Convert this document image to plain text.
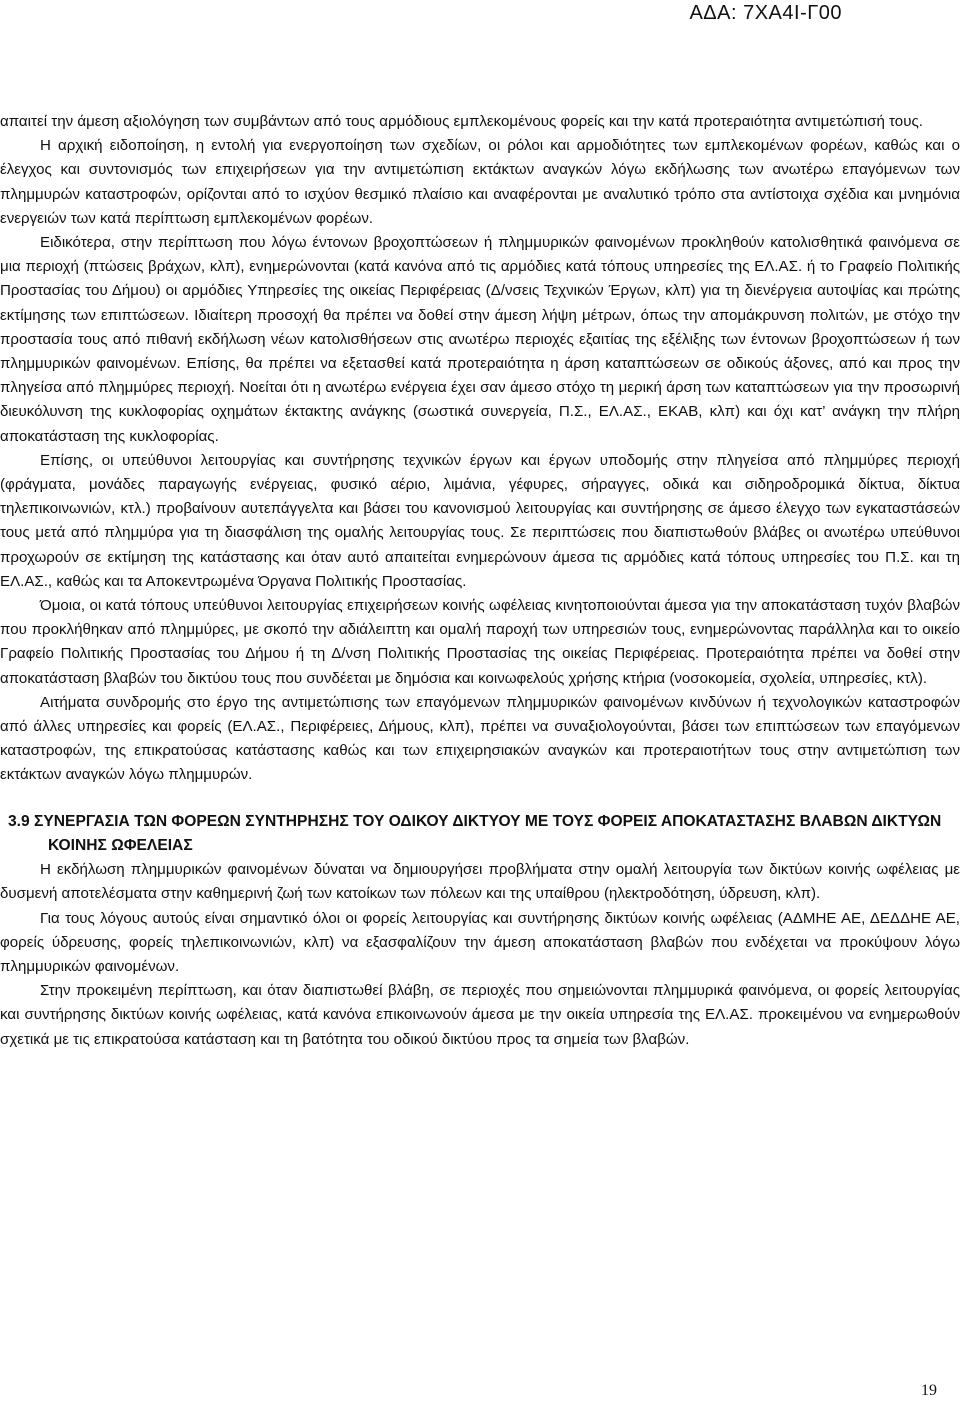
ΑΔΑ: 7ΧΑ4Ι-Γ00

απαιτεί την άμεση αξιολόγηση των συμβάντων από τους αρμόδιους εμπλεκομένους φορείς και την κατά προτεραιότητα αντιμετώπισή τους.

Η αρχική ειδοποίηση, η εντολή για ενεργοποίηση των σχεδίων, οι ρόλοι και αρμοδιότητες των εμπλεκομένων φορέων, καθώς και ο έλεγχος και συντονισμός των επιχειρήσεων για την αντιμετώπιση εκτάκτων αναγκών λόγω εκδήλωσης των ανωτέρω επαγόμενων των πλημμυρών καταστροφών, ορίζονται από το ισχύον θεσμικό πλαίσιο και αναφέρονται με αναλυτικό τρόπο στα αντίστοιχα σχέδια και μνημόνια ενεργειών των κατά περίπτωση εμπλεκομένων φορέων.

Ειδικότερα, στην περίπτωση που λόγω έντονων βροχοπτώσεων ή πλημμυρικών φαινομένων προκληθούν κατολισθητικά φαινόμενα σε μια περιοχή (πτώσεις βράχων, κλπ), ενημερώνονται (κατά κανόνα από τις αρμόδιες κατά τόπους υπηρεσίες της ΕΛ.ΑΣ. ή το Γραφείο Πολιτικής Προστασίας του Δήμου) οι αρμόδιες Υπηρεσίες της οικείας Περιφέρειας (Δ/νσεις Τεχνικών Έργων, κλπ) για τη διενέργεια αυτοψίας και πρώτης εκτίμησης των επιπτώσεων. Ιδιαίτερη προσοχή θα πρέπει να δοθεί στην άμεση λήψη μέτρων, όπως την απομάκρυνση πολιτών, με στόχο την προστασία τους από πιθανή εκδήλωση νέων κατολισθήσεων στις ανωτέρω περιοχές εξαιτίας της εξέλιξης των έντονων βροχοπτώσεων ή των πλημμυρικών φαινομένων. Επίσης, θα πρέπει να εξετασθεί κατά προτεραιότητα η άρση καταπτώσεων σε οδικούς άξονες, από και προς την πληγείσα από πλημμύρες περιοχή. Νοείται ότι η ανωτέρω ενέργεια έχει σαν άμεσο στόχο τη μερική άρση των καταπτώσεων για την προσωρινή διευκόλυνση της κυκλοφορίας οχημάτων έκτακτης ανάγκης (σωστικά συνεργεία, Π.Σ., ΕΛ.ΑΣ., ΕΚΑΒ, κλπ) και όχι κατ’ ανάγκη την πλήρη αποκατάσταση της κυκλοφορίας.

Επίσης, οι υπεύθυνοι λειτουργίας και συντήρησης τεχνικών έργων και έργων υποδομής στην πληγείσα από πλημμύρες περιοχή (φράγματα, μονάδες παραγωγής ενέργειας, φυσικό αέριο, λιμάνια, γέφυρες, σήραγγες, οδικά και σιδηροδρομικά δίκτυα, δίκτυα τηλεπικοινωνιών, κτλ.) προβαίνουν αυτεπάγγελτα και βάσει του κανονισμού λειτουργίας και συντήρησης σε άμεσο έλεγχο των εγκαταστάσεών τους μετά από πλημμύρα για τη διασφάλιση της ομαλής λειτουργίας τους. Σε περιπτώσεις που διαπιστωθούν βλάβες οι ανωτέρω υπεύθυνοι προχωρούν σε εκτίμηση της κατάστασης και όταν αυτό απαιτείται ενημερώνουν άμεσα τις αρμόδιες κατά τόπους υπηρεσίες του Π.Σ. και τη ΕΛ.ΑΣ., καθώς και τα Αποκεντρωμένα Όργανα Πολιτικής Προστασίας.

Όμοια, οι κατά τόπους υπεύθυνοι λειτουργίας επιχειρήσεων κοινής ωφέλειας κινητοποιούνται άμεσα για την αποκατάσταση τυχόν βλαβών που προκλήθηκαν από πλημμύρες, με σκοπό την αδιάλειπτη και ομαλή παροχή των υπηρεσιών τους, ενημερώνοντας παράλληλα και το οικείο Γραφείο Πολιτικής Προστασίας του Δήμου ή τη Δ/νση Πολιτικής Προστασίας της οικείας Περιφέρειας. Προτεραιότητα πρέπει να δοθεί στην αποκατάσταση βλαβών του δικτύου τους που συνδέεται με δημόσια και κοινωφελούς χρήσης κτήρια (νοσοκομεία, σχολεία, υπηρεσίες, κτλ).

Αιτήματα συνδρομής στο έργο της αντιμετώπισης των επαγόμενων πλημμυρικών φαινομένων κινδύνων ή τεχνολογικών καταστροφών από άλλες υπηρεσίες και φορείς (ΕΛ.ΑΣ., Περιφέρειες, Δήμους, κλπ), πρέπει να συναξιολογούνται, βάσει των επιπτώσεων των επαγόμενων καταστροφών, της επικρατούσας κατάστασης καθώς και των επιχειρησιακών αναγκών και προτεραιοτήτων τους στην αντιμετώπιση των εκτάκτων αναγκών λόγω πλημμυρών.

3.9 ΣΥΝΕΡΓΑΣΙΑ ΤΩΝ ΦΟΡΕΩΝ ΣΥΝΤΗΡΗΣΗΣ ΤΟΥ ΟΔΙΚΟΥ ΔΙΚΤΥΟΥ ΜΕ ΤΟΥΣ ΦΟΡΕΙΣ ΑΠΟΚΑΤΑΣΤΑΣΗΣ ΒΛΑΒΩΝ ΔΙΚΤΥΩΝ ΚΟΙΝΗΣ ΩΦΕΛΕΙΑΣ

Η εκδήλωση πλημμυρικών φαινομένων δύναται να δημιουργήσει προβλήματα στην ομαλή λειτουργία των δικτύων κοινής ωφέλειας με δυσμενή αποτελέσματα στην καθημερινή ζωή των κατοίκων των πόλεων και της υπαίθρου (ηλεκτροδότηση, ύδρευση, κλπ).

Για τους λόγους αυτούς είναι σημαντικό όλοι οι φορείς λειτουργίας και συντήρησης δικτύων κοινής ωφέλειας (ΑΔΜΗΕ ΑΕ, ΔΕΔΔΗΕ ΑΕ, φορείς ύδρευσης, φορείς τηλεπικοινωνιών, κλπ) να εξασφαλίζουν την άμεση αποκατάσταση βλαβών που ενδέχεται να προκύψουν λόγω πλημμυρικών φαινομένων.

Στην προκειμένη περίπτωση, και όταν διαπιστωθεί βλάβη, σε περιοχές που σημειώνονται πλημμυρικά φαινόμενα, οι φορείς λειτουργίας και συντήρησης δικτύων κοινής ωφέλειας, κατά κανόνα επικοινωνούν άμεσα με την οικεία υπηρεσία της ΕΛ.ΑΣ. προκειμένου να ενημερωθούν σχετικά με τις επικρατούσα κατάσταση και τη βατότητα του οδικού δικτύου προς τα σημεία των βλαβών.

19
